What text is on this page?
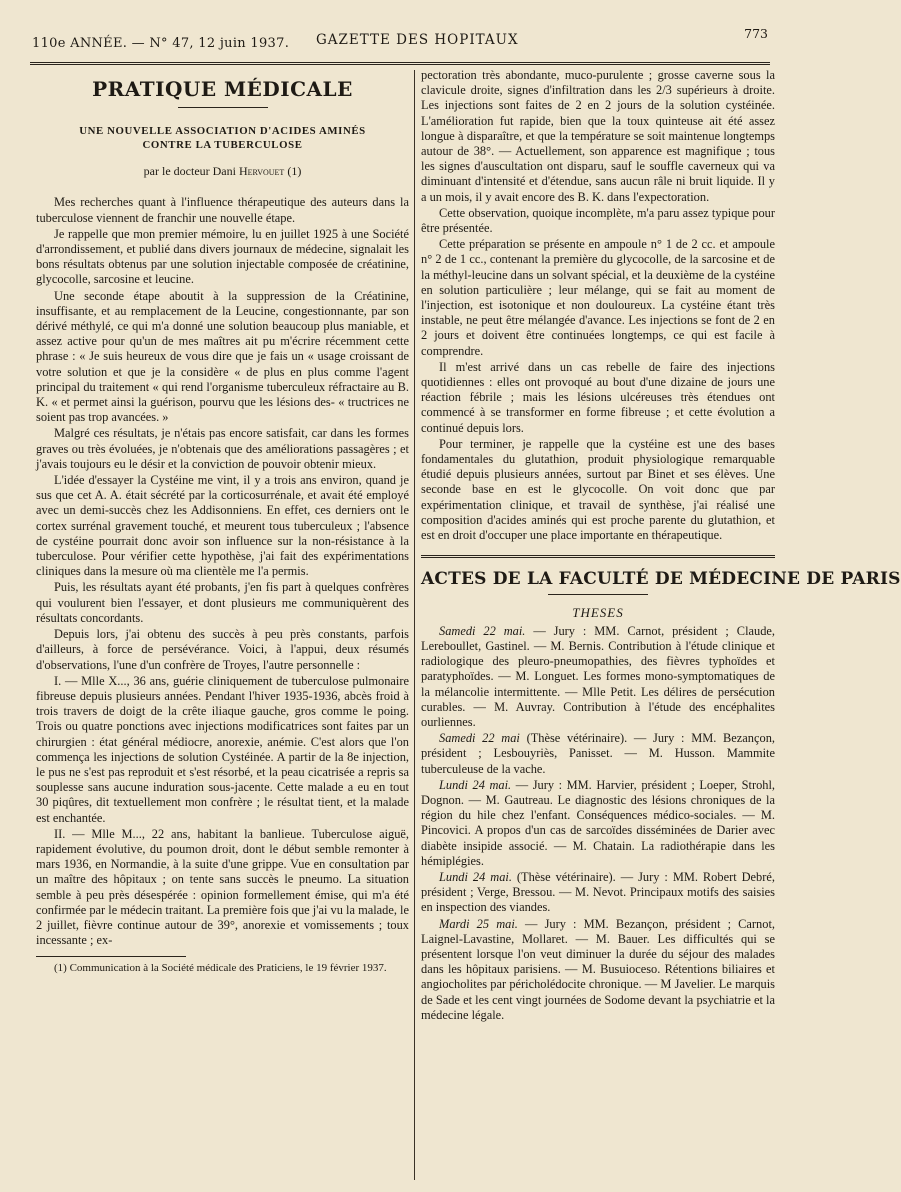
110e ANNÉE. — N° 47, 12 juin 1937. GAZETTE DES HOPITAUX	773
PRATIQUE MÉDICALE
UNE NOUVELLE ASSOCIATION D'ACIDES AMINÉS
CONTRE LA TUBERCULOSE
par le docteur Dani Hervouet (1)

Mes recherches quant à l'influence thérapeutique des auteurs dans la tuberculose viennent de franchir une nouvelle étape.

Je rappelle que mon premier mémoire, lu en juillet 1925 à une Société d'arrondissement, et publié dans divers journaux de médecine, signalait les bons résultats obtenus par une solution injectable composée de créatinine, glycocolle, sarcosine et leucine.

Une seconde étape aboutit à la suppression de la Créatinine, insuffisante, et au remplacement de la Leucine, congestionnante, par son dérivé méthylé, ce qui m'a donné une solution beaucoup plus maniable, et assez active pour qu'un de mes maîtres ait pu m'écrire récemment cette phrase : « Je suis heureux de vous dire que je fais un « usage croissant de votre solution et que je la considère « de plus en plus comme l'agent principal du traitement « qui rend l'organisme tuberculeux réfractaire au B. K. « et permet ainsi la guérison, pourvu que les lésions des- « tructrices ne soient pas trop avancées. »

Malgré ces résultats, je n'étais pas encore satisfait, car dans les formes graves ou très évoluées, je n'obtenais que des améliorations passagères ; et j'avais toujours eu le désir et la conviction de pouvoir obtenir mieux.

L'idée d'essayer la Cystéine me vint, il y a trois ans environ, quand je sus que cet A. A. était sécrété par la corticosurrénale, et avait été employé avec un demi-succès chez les Addisonniens. En effet, ces derniers ont le cortex surrénal gravement touché, et meurent tous tuberculeux ; l'absence de cystéine pourrait donc avoir son influence sur la non-résistance à la tuberculose. Pour vérifier cette hypothèse, j'ai fait des expérimentations cliniques dans la mesure où ma clientèle me l'a permis.

Puis, les résultats ayant été probants, j'en fis part à quelques confrères qui voulurent bien l'essayer, et dont plusieurs me communiquèrent des résultats concordants.

Depuis lors, j'ai obtenu des succès à peu près constants, parfois d'ailleurs, à force de persévérance. Voici, à l'appui, deux résumés d'observations, l'une d'un confrère de Troyes, l'autre personnelle :

I. — Mlle X..., 36 ans, guérie cliniquement de tuberculose pulmonaire fibreuse depuis plusieurs années. Pendant l'hiver 1935-1936, abcès froid à trois travers de doigt de la crête iliaque gauche, gros comme le poing. Trois ou quatre ponctions avec injections modificatrices sont faites par un chirurgien : état général médiocre, anorexie, anémie. C'est alors que l'on commença les injections de solution Cystéinée. A partir de la 8e injection, le pus ne s'est pas reproduit et s'est résorbé, et la peau cicatrisée a repris sa souplesse sans aucune induration sous-jacente. Cette malade a eu en tout 30 piqûres, dit textuellement mon confrère ; le résultat tient, et la malade est enchantée.

II. — Mlle M..., 22 ans, habitant la banlieue. Tuberculose aiguë, rapidement évolutive, du poumon droit, dont le début semble remonter à mars 1936, en Normandie, à la suite d'une grippe. Vue en consultation par un maître des hôpitaux ; on tente sans succès le pneumo. La situation semble à peu près désespérée : opinion formellement émise, qui m'a été confirmée par le médecin traitant. La première fois que j'ai vu la malade, le 2 juillet, fièvre continue autour de 39°, anorexie et vomissements ; toux incessante ; ex-

(1) Communication à la Société médicale des Praticiens, le 19 février 1937.

pectoration très abondante, muco-purulente ; grosse caverne sous la clavicule droite, signes d'infiltration dans les 2/3 supérieurs à droite. Les injections sont faites de 2 en 2 jours de la solution cystéinée. L'amélioration fut rapide, bien que la toux quinteuse ait été assez longue à disparaître, et que la température se soit maintenue longtemps autour de 38°. — Actuellement, son apparence est magnifique ; tous les signes d'auscultation ont disparu, sauf le souffle caverneux qui va diminuant d'intensité et d'étendue, sans aucun râle ni bruit liquide. Il y a un mois, il y avait encore des B. K. dans l'expectoration.

Cette observation, quoique incomplète, m'a paru assez typique pour être présentée.

Cette préparation se présente en ampoule n° 1 de 2 cc. et ampoule n° 2 de 1 cc., contenant la première du glycocolle, de la sarcosine et de la méthyl-leucine dans un solvant spécial, et la deuxième de la cystéine en solution particulière ; leur mélange, qui se fait au moment de l'injection, est isotonique et non douloureux. La cystéine étant très instable, ne peut être mélangée d'avance. Les injections se font de 2 en 2 jours et doivent être continuées longtemps, ce qui est facile à comprendre.

Il m'est arrivé dans un cas rebelle de faire des injections quotidiennes : elles ont provoqué au bout d'une dizaine de jours une réaction fébrile ; mais les lésions ulcéreuses très étendues ont commencé à se transformer en forme fibreuse ; et cette évolution a continué depuis lors.

Pour terminer, je rappelle que la cystéine est une des bases fondamentales du glutathion, produit physiologique remarquable étudié depuis plusieurs années, surtout par Binet et ses élèves. Une seconde base en est le glycocolle. On voit donc que par expérimentation clinique, et travail de synthèse, j'ai réalisé une composition d'acides aminés qui est proche parente du glutathion, et est en droit d'occuper une place importante en thérapeutique.

ACTES DE LA FACULTÉ DE MÉDECINE DE PARIS
THESES

Samedi 22 mai. — Jury : MM. Carnot, président ; Claude, Lereboullet, Gastinel. — M. Bernis. Contribution à l'étude clinique et radiologique des pleuro-pneumopathies, des fièvres typhoïdes et paratyphoïdes. — M. Longuet. Les formes mono-symptomatiques de la mélancolie intermittente. — Mlle Petit. Les délires de persécution curables. — M. Auvray. Contribution à l'étude des encéphalites ourliennes.

Samedi 22 mai (Thèse vétérinaire). — Jury : MM. Bezançon, président ; Lesbouyriès, Panisset. — M. Husson. Mammite tuberculeuse de la vache.

Lundi 24 mai. — Jury : MM. Harvier, président ; Loeper, Strohl, Dognon. — M. Gautreau. Le diagnostic des lésions chroniques de la région du hile chez l'enfant. Conséquences médico-sociales. — M. Pincovici. A propos d'un cas de sarcoïdes disséminées de Darier avec diabète insipide associé. — M. Chatain. La radiothérapie dans les hémiplégies.

Lundi 24 mai. (Thèse vétérinaire). — Jury : MM. Robert Debré, président ; Verge, Bressou. — M. Nevot. Principaux motifs des saisies en inspection des viandes.

Mardi 25 mai. — Jury : MM. Bezançon, président ; Carnot, Laignel-Lavastine, Mollaret. — M. Bauer. Les difficultés qui se présentent lorsque l'on veut diminuer la durée du séjour des malades dans les hôpitaux parisiens. — M. Busuioceso. Rétentions biliaires et angiocholites par péricholédocite chronique. — M Javelier. Le marquis de Sade et les cent vingt journées de Sodome devant la psychiatrie et la médecine légale.
